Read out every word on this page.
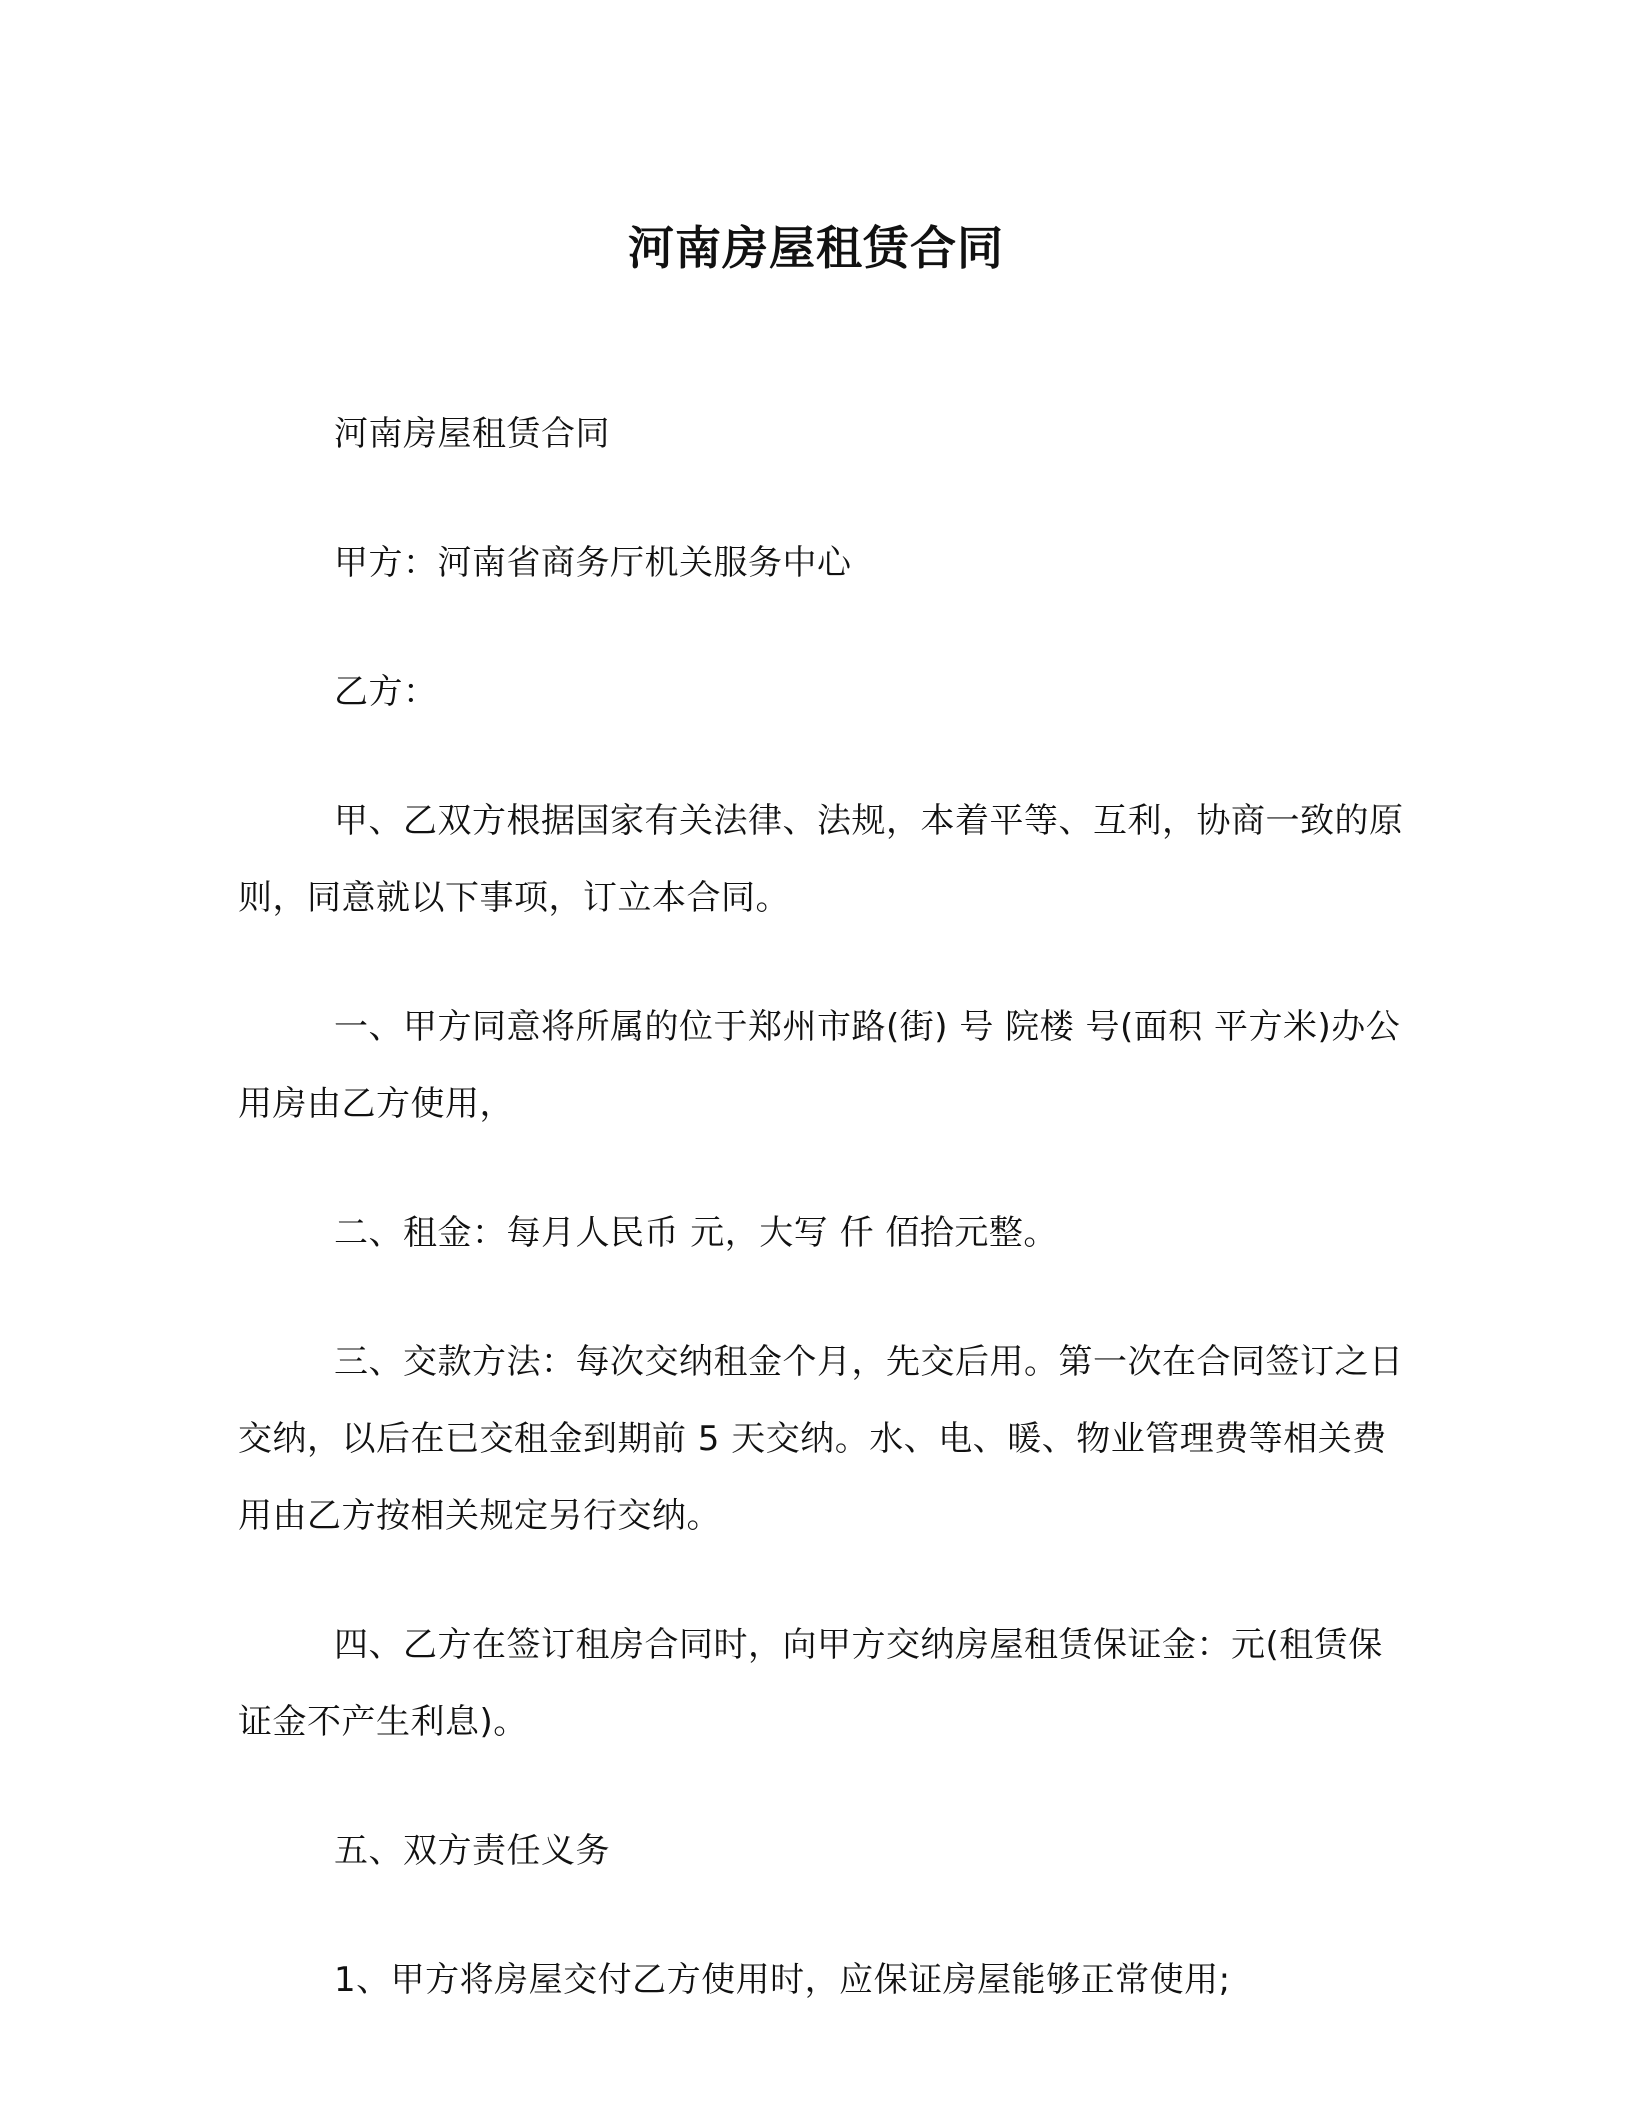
河南房屋租赁合同

河南房屋租赁合同

甲方：河南省商务厅机关服务中心

乙方：

甲、乙双方根据国家有关法律、法规，本着平等、互利，协商一致的原则，同意就以下事项，订立本合同。

一、甲方同意将所属的位于郑州市路(街) 号 院楼 号(面积 平方米)办公用房由乙方使用，

二、租金：每月人民币 元，大写 仟 佰拾元整。

三、交款方法：每次交纳租金个月，先交后用。第一次在合同签订之日交纳，以后在已交租金到期前 5 天交纳。水、电、暖、物业管理费等相关费用由乙方按相关规定另行交纳。

四、乙方在签订租房合同时，向甲方交纳房屋租赁保证金：元(租赁保证金不产生利息)。

五、双方责任义务

1、甲方将房屋交付乙方使用时，应保证房屋能够正常使用;
